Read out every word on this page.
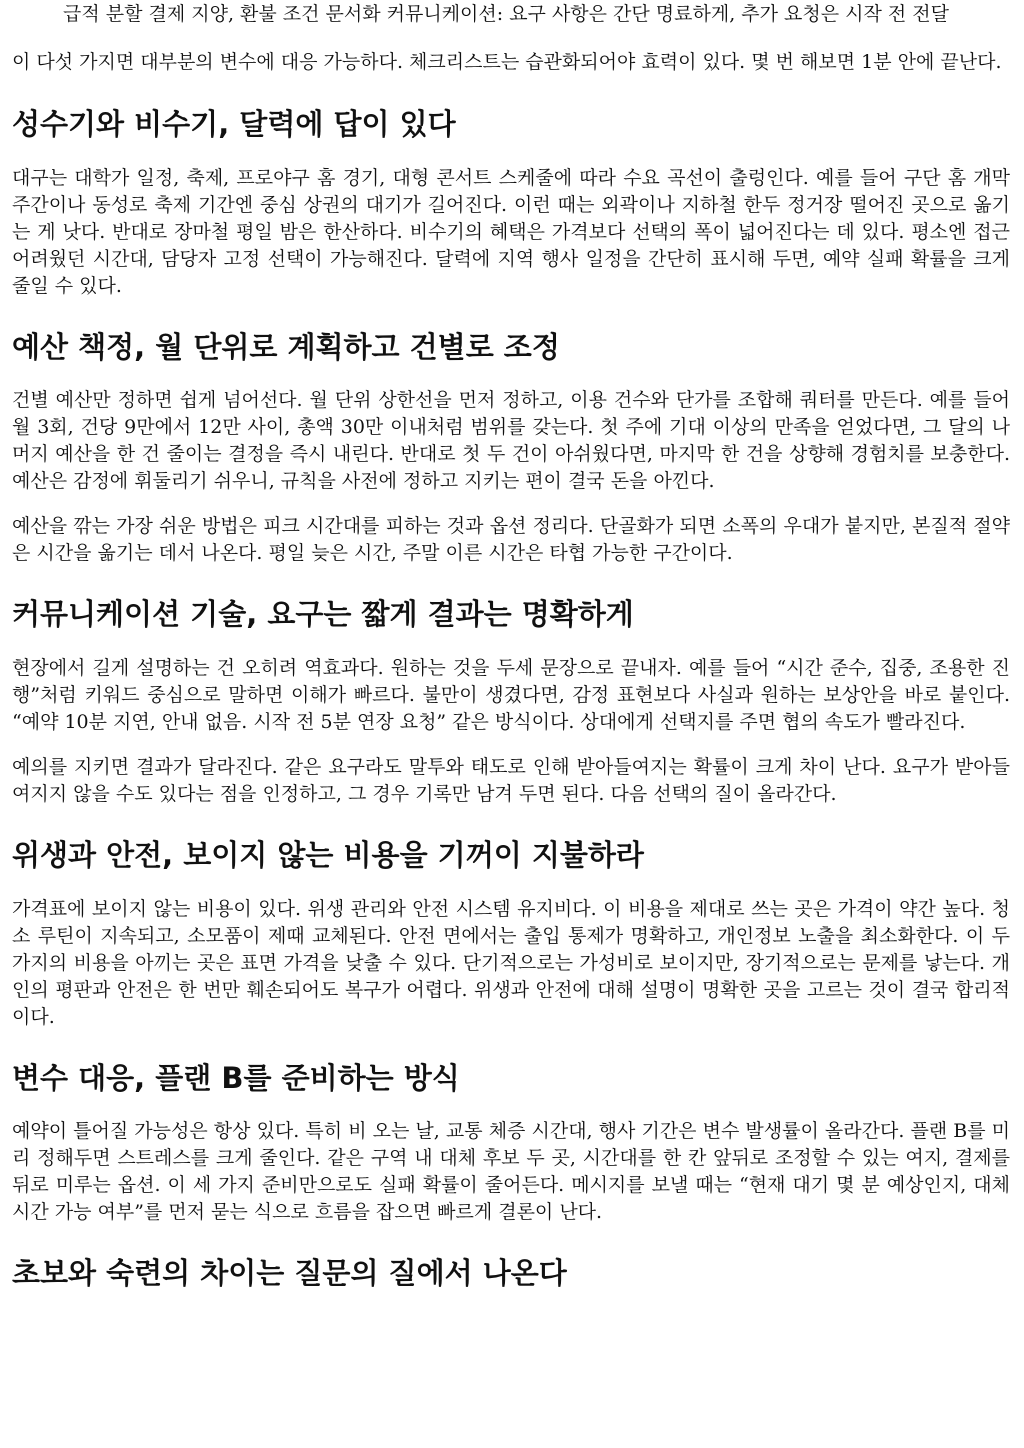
급적 분할 결제 지양, 환불 조건 문서화 커뮤니케이션: 요구 사항은 간단 명료하게, 추가 요청은 시작 전 전달

이 다섯 가지면 대부분의 변수에 대응 가능하다. 체크리스트는 습관화되어야 효력이 있다. 몇 번 해보면 1분 안에 끝난다.

성수기와 비수기, 달력에 답이 있다

대구는 대학가 일정, 축제, 프로야구 홈 경기, 대형 콘서트 스케줄에 따라 수요 곡선이 출렁인다. 예를 들어 구단 홈 개막 주간이나 동성로 축제 기간엔 중심 상권의 대기가 길어진다. 이런 때는 외곽이나 지하철 한두 정거장 떨어진 곳으로 옮기는 게 낫다. 반대로 장마철 평일 밤은 한산하다. 비수기의 혜택은 가격보다 선택의 폭이 넓어진다는 데 있다. 평소엔 접근 어려웠던 시간대, 담당자 고정 선택이 가능해진다. 달력에 지역 행사 일정을 간단히 표시해 두면, 예약 실패 확률을 크게 줄일 수 있다.

예산 책정, 월 단위로 계획하고 건별로 조정

건별 예산만 정하면 쉽게 넘어선다. 월 단위 상한선을 먼저 정하고, 이용 건수와 단가를 조합해 쿼터를 만든다. 예를 들어 월 3회, 건당 9만에서 12만 사이, 총액 30만 이내처럼 범위를 갖는다. 첫 주에 기대 이상의 만족을 얻었다면, 그 달의 나머지 예산을 한 건 줄이는 결정을 즉시 내린다. 반대로 첫 두 건이 아쉬웠다면, 마지막 한 건을 상향해 경험치를 보충한다. 예산은 감정에 휘둘리기 쉬우니, 규칙을 사전에 정하고 지키는 편이 결국 돈을 아낀다.

예산을 깎는 가장 쉬운 방법은 피크 시간대를 피하는 것과 옵션 정리다. 단골화가 되면 소폭의 우대가 붙지만, 본질적 절약은 시간을 옮기는 데서 나온다. 평일 늦은 시간, 주말 이른 시간은 타협 가능한 구간이다.

커뮤니케이션 기술, 요구는 짧게 결과는 명확하게

현장에서 길게 설명하는 건 오히려 역효과다. 원하는 것을 두세 문장으로 끝내자. 예를 들어 “시간 준수, 집중, 조용한 진행”처럼 키워드 중심으로 말하면 이해가 빠르다. 불만이 생겼다면, 감정 표현보다 사실과 원하는 보상안을 바로 붙인다. “예약 10분 지연, 안내 없음. 시작 전 5분 연장 요청” 같은 방식이다. 상대에게 선택지를 주면 협의 속도가 빨라진다.

예의를 지키면 결과가 달라진다. 같은 요구라도 말투와 태도로 인해 받아들여지는 확률이 크게 차이 난다. 요구가 받아들여지지 않을 수도 있다는 점을 인정하고, 그 경우 기록만 남겨 두면 된다. 다음 선택의 질이 올라간다.

위생과 안전, 보이지 않는 비용을 기꺼이 지불하라

가격표에 보이지 않는 비용이 있다. 위생 관리와 안전 시스템 유지비다. 이 비용을 제대로 쓰는 곳은 가격이 약간 높다. 청소 루틴이 지속되고, 소모품이 제때 교체된다. 안전 면에서는 출입 통제가 명확하고, 개인정보 노출을 최소화한다. 이 두 가지의 비용을 아끼는 곳은 표면 가격을 낮출 수 있다. 단기적으로는 가성비로 보이지만, 장기적으로는 문제를 낳는다. 개인의 평판과 안전은 한 번만 훼손되어도 복구가 어렵다. 위생과 안전에 대해 설명이 명확한 곳을 고르는 것이 결국 합리적이다.

변수 대응, 플랜 B를 준비하는 방식

예약이 틀어질 가능성은 항상 있다. 특히 비 오는 날, 교통 체증 시간대, 행사 기간은 변수 발생률이 올라간다. 플랜 B를 미리 정해두면 스트레스를 크게 줄인다. 같은 구역 내 대체 후보 두 곳, 시간대를 한 칸 앞뒤로 조정할 수 있는 여지, 결제를 뒤로 미루는 옵션. 이 세 가지 준비만으로도 실패 확률이 줄어든다. 메시지를 보낼 때는 “현재 대기 몇 분 예상인지, 대체 시간 가능 여부”를 먼저 묻는 식으로 흐름을 잡으면 빠르게 결론이 난다.

초보와 숙련의 차이는 질문의 질에서 나온다
